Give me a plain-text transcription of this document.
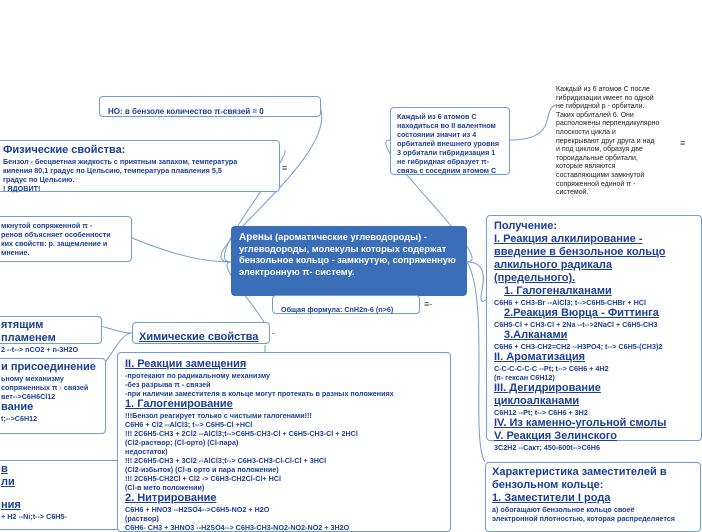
Арены (ароматические углеводороды) - углеводороды, молекулы которых содержат бензольное кольцо - замкнутую, сопряженную электронную π- систему.
Общая формула: CnH2n-6 (n>6)
≡-
НО: в бензоле количество π-связей = 0
Физические свойства:
Бензол - бесцветная жидкость с приятным запахом, температура
кипения 80,1 градус по Цельсию, температура плавления 5,5
градус по Цельсию.
! ЯДОВИТ!
≡
мкнутой сопряженной π -
ренов объясняет особенности
ких свойств: р. защемление и
мнение.
Каждый из 6 атомов С
находиться во II валентном
состоянии значит из 4
орбиталей внешнего уровня
3 орбитали гибридизация 1
не гибридная образует π-
связь с соседним атомом С
Каждый из 6 атомов С после
гибридизации имеет по одной
не гибридной р - орбитали.
Таких орбиталей 6. Они
расположены перпендикулярно
плоскости цикла и
перекрывают друг друга и над
и под циклом, образуя две
тороидальные орбитали,
которые являются
составляющими замкнутой
сопряженной единой π -
системой.
≡
ятящим пламенем
2 --t--> nCO2 + n-3H2O
Химические свойства	-
и присоединение
ьному механизму
сопряженных π - связей
вет-->C6H6Cl12
вание
t;-->C6H12
в
ли
ния
+ H2 --Ni;t--> C6H5-
II. Реакции замещения
-протекают по радикальному механизму
-без разрыва π - связей
-при наличии заместителя в кольце могут протекать в разных положениях
1. Галогенирование
!!!Бензол реагирует только с чистыми галогенами!!!
C6H6 + Cl2 --AlCl3; t--> C6H5-Cl +HCl
!!! 2C6H5-CH3 + 2Cl2 --AlCl3;t-->C6H5-CH3-Cl + C6H5-CH3-Cl + 2HCl
(Cl2-раствор; (Cl-орто) (Cl-пара)
недостаток)
!!! 2C6H5-CH3 + 3Cl2 --AlCl3;t--> C6H3-CH3-Cl-Cl-Cl + 3HCl
(Cl2-избыток) (Cl-в орто и пара положение)
!!! 2C6H5-CH2Cl + Cl2 -> C6H3-CH2Cl-Cl+ HCl
(Cl-в мето положении)
2. Нитрирование
C6H6 + HNO3 --H2SO4-->C6H5-NO2 + H2O
(раствор)
C6H6- CH3 + 3HNO3 --H2SO4--> C6H3-CH3-NO2-NO2-NO2 + 3H2O
Получение:
I. Реакция алкилирование -
введение в бензольное кольцо
алкильного радикала
(предельного).
1. Галогеналканами
C6H6 + CH3-Br --AlCl3; t-->C6H5-CHBr + HCl
2.Реакция Вюрца - Фиттинга
C6H5-Cl + CH3-Cl + 2Na --t-->2NaCl + C6H5-CH3
3.Алканами
C6H6 + CH3-CH2=CH2 --H3PO4; t--> C6H5-(CH3)2
II. Ароматизация
C-C-C-C-C-C --Pt; t--> C6H6 + 4H2
(п- гексан C6H12)
III. Дегидрирование
циклоалканами
C6H12 --Pt; t--> C6H6 + 3H2
IV. Из каменно-угольной смолы
V. Реакция Зелинского
3C2H2 --Cакт; 450-600t-->C6H6
Характеристика заместителей в бензольном кольце:
1. Заместители I рода
а) обогащают бензольное кольцо своеё
электронной плотностью, которая распределяется
